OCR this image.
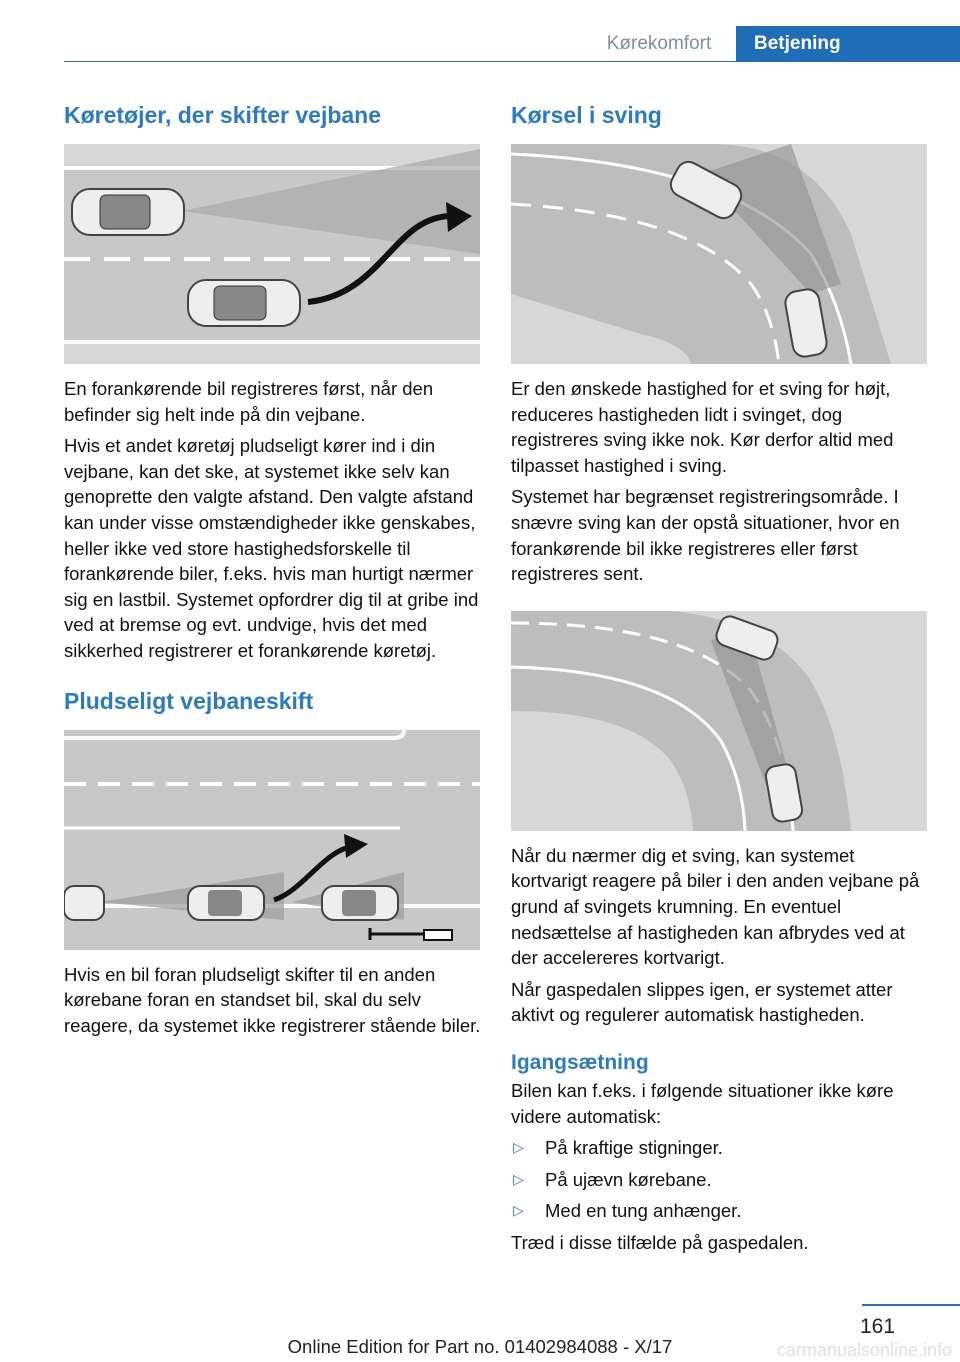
Kørekomfort	Betjening
Køretøjer, der skifter vejbane

En forankørende bil registreres først, når den befinder sig helt inde på din vejbane.

Hvis et andet køretøj pludseligt kører ind i din vejbane, kan det ske, at systemet ikke selv kan genoprette den valgte afstand. Den valgte afstand kan under visse omstændigheder ikke genskabes, heller ikke ved store hastighedsforskelle til forankørende biler, f.eks. hvis man hurtigt nærmer sig en lastbil. Systemet opfordrer dig til at gribe ind ved at bremse og evt. undvige, hvis det med sikkerhed registrerer et forankørende køretøj.

Pludseligt vejbaneskift

Hvis en bil foran pludseligt skifter til en anden kørebane foran en standset bil, skal du selv reagere, da systemet ikke registrerer stående biler.

Kørsel i sving

Er den ønskede hastighed for et sving for højt, reduceres hastigheden lidt i svinget, dog registreres sving ikke nok. Kør derfor altid med tilpasset hastighed i sving.

Systemet har begrænset registreringsområde. I snævre sving kan der opstå situationer, hvor en forankørende bil ikke registreres eller først registreres sent.

Når du nærmer dig et sving, kan systemet kortvarigt reagere på biler i den anden vejbane på grund af svingets krumning. En eventuel nedsættelse af hastigheden kan afbrydes ved at der accelereres kortvarigt.

Når gaspedalen slippes igen, er systemet atter aktivt og regulerer automatisk hastigheden.

Igangsætning

Bilen kan f.eks. i følgende situationer ikke køre videre automatisk:

▷ På kraftige stigninger.
▷ På ujævn kørebane.
▷ Med en tung anhænger.

Træd i disse tilfælde på gaspedalen.

161
Online Edition for Part no. 01402984088 - X/17	carmanualsonline.info
